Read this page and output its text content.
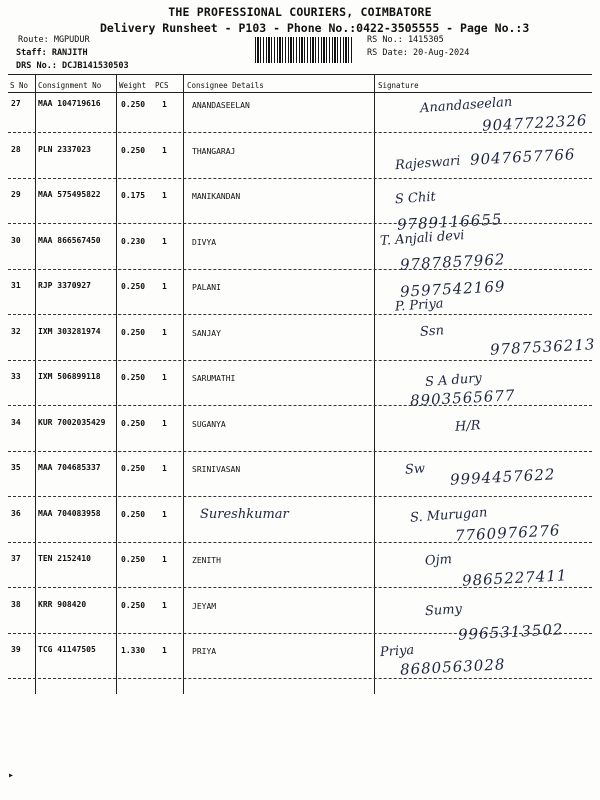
THE PROFESSIONAL COURIERS, COIMBATORE
Delivery Runsheet - P103 - Phone No.:0422-3505555 - Page No.:3
Route: MGPUDUR
Staff: RANJITH
DRS No.: DCJB141530503
RS No.: 1415305
RS Date: 20-Aug-2024
S No Consignment No Weight PCS Consignee Details	Signature
27 MAA 104719616	0.250 1	ANANDASEELAN	Anandaseelan
9047722326
28 PLN 2337023	0.250 1	THANGARAJ
Rajeswari 9047657766
29 MAA 575495822	0.175 1	MANIKANDAN	S Chit
9789116655
30 MAA 866567450	0.230 1	DIVYA	T. Anjali devi
9787857962
31 RJP 3370927	0.250 1	PALANI
P. Priya
9597542169
32 IXM 303281974	0.250 1	SANJAY	Ssn
9787536213
33 IXM 506899118	0.250 1	SARUMATHI	S A dury
8903565677
34 KUR 7002035429 0.250 1	SUGANYA	H/R
35 MAA 704685337	0.250 1	SRINIVASAN	Sw 9994457622
36 MAA 704083958	0.250 1	Sureshkumar	S. Murugan
7760976276
37 TEN 2152410	0.250 1	ZENITH	Ojm
9865227411
38 KRR 908420	0.250 1	JEYAM	Sumy
9965313502
39 TCG 41147505	1.330 1	PRIYA	Priya
8680563028
▸
